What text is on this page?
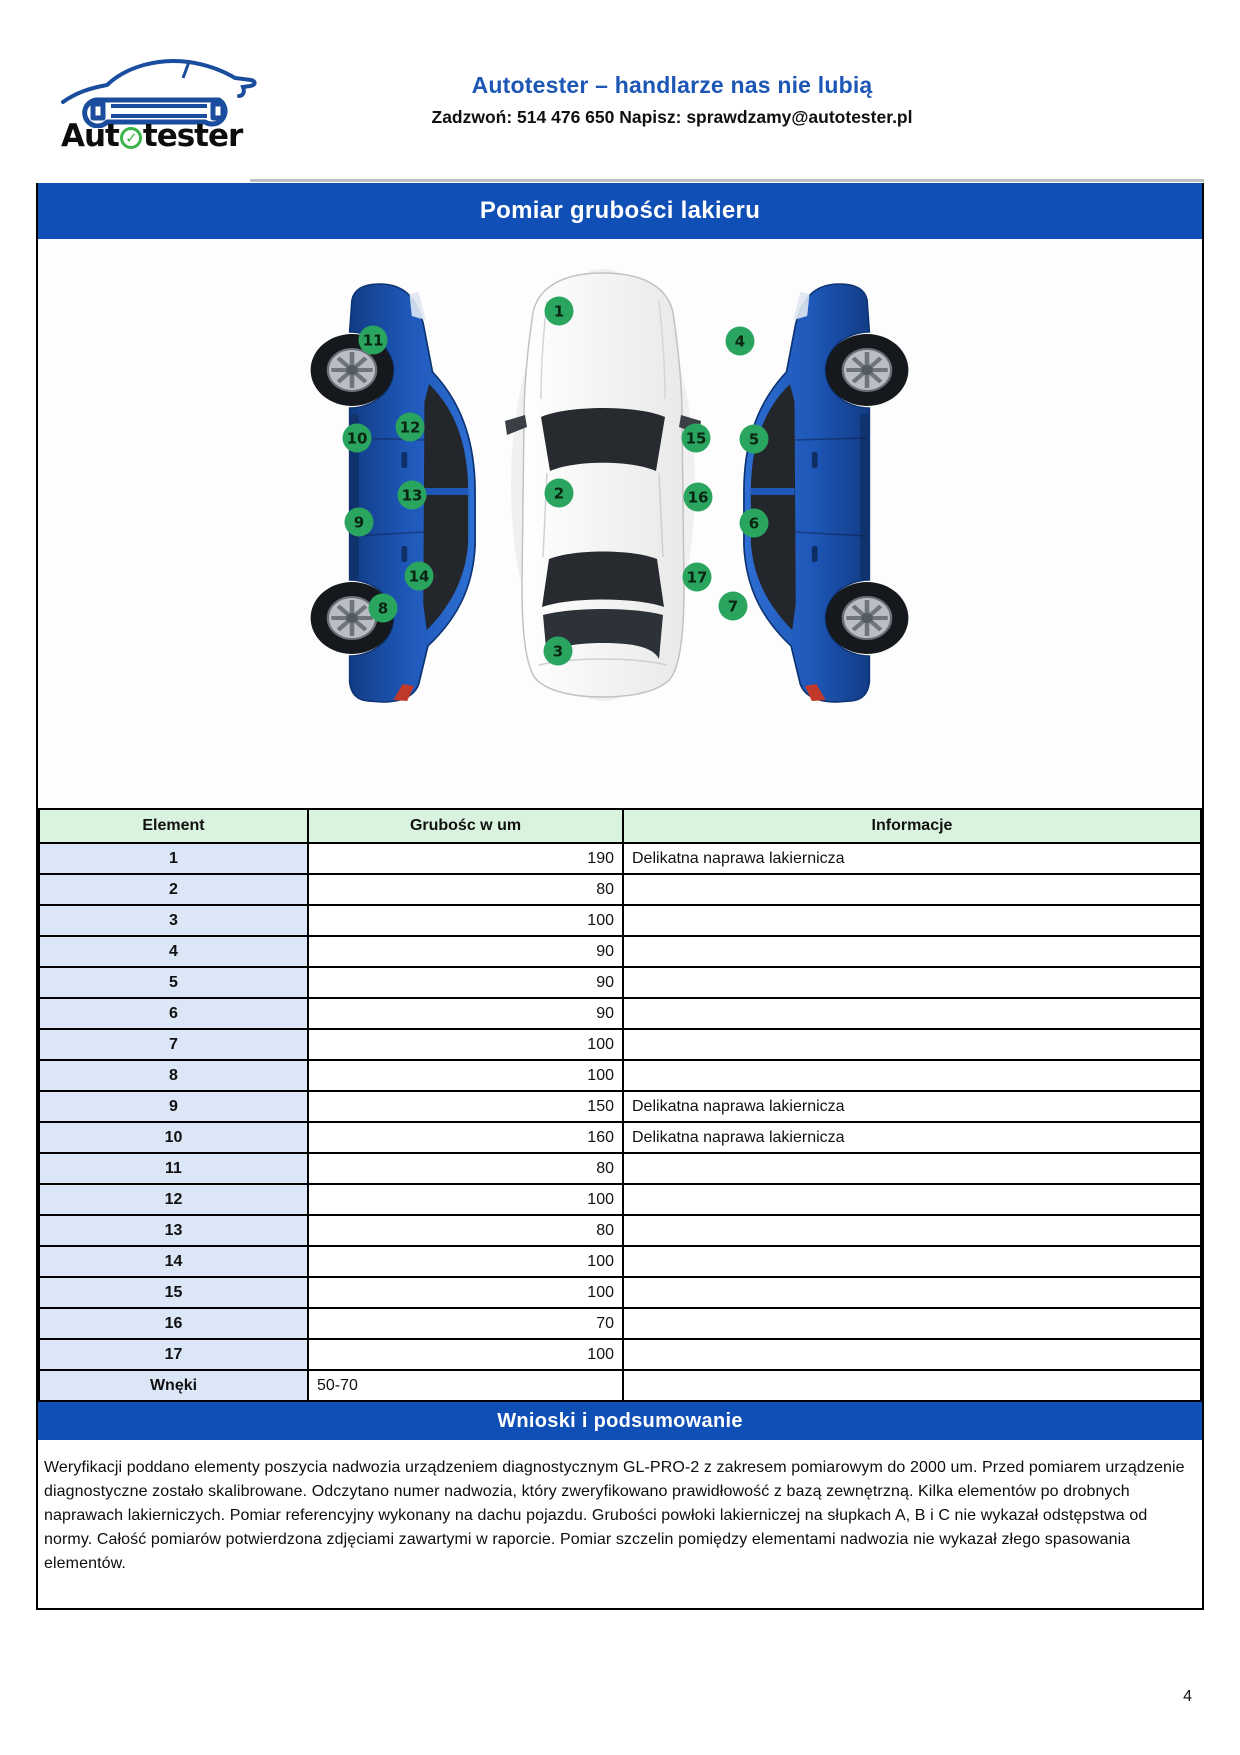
Aut ✓ tester
Autotester – handlarze nas nie lubią
Zadzwoń: 514 476 650 Napisz: sprawdzamy@autotester.pl
Pomiar grubości lakieru
1
2
3
4
5
6
7
8
9
10
11
12
13
14
15
16
17
Element	Grubośc w um	Informacje
1	190	Delikatna naprawa lakiernicza
2	80	
3	100	
4	90	
5	90	
6	90	
7	100	
8	100	
9	150	Delikatna naprawa lakiernicza
10	160	Delikatna naprawa lakiernicza
11	80	
12	100	
13	80	
14	100	
15	100	
16	70	
17	100	
Wnęki	50-70	
Wnioski i podsumowanie
Weryfikacji poddano elementy poszycia nadwozia urządzeniem diagnostycznym GL-PRO-2 z zakresem pomiarowym do 2000 um. Przed pomiarem urządzenie diagnostyczne zostało skalibrowane. Odczytano numer nadwozia, który zweryfikowano prawidłowość z bazą zewnętrzną. Kilka elementów po drobnych naprawach lakierniczych. Pomiar referencyjny wykonany na dachu pojazdu. Grubości powłoki lakierniczej na słupkach A, B i C nie wykazał odstępstwa od normy. Całość pomiarów potwierdzona zdjęciami zawartymi w raporcie. Pomiar szczelin pomiędzy elementami nadwozia nie wykazał złego spasowania elementów.
4
